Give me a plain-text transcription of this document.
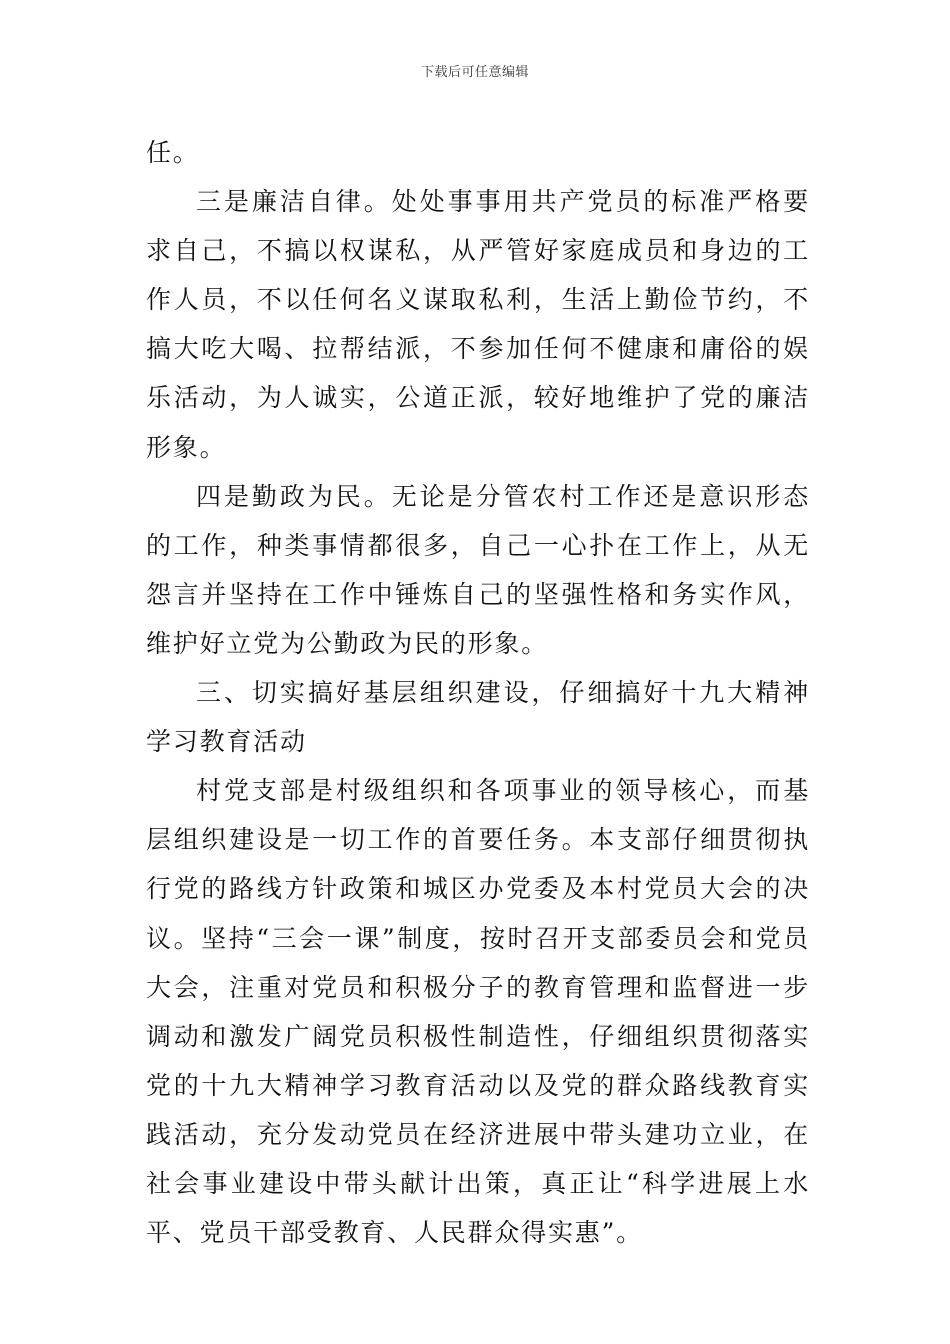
下载后可任意编辑

任。

三是廉洁自律。处处事事用共产党员的标准严格要求自己，不搞以权谋私，从严管好家庭成员和身边的工作人员，不以任何名义谋取私利，生活上勤俭节约，不搞大吃大喝、拉帮结派，不参加任何不健康和庸俗的娱乐活动，为人诚实，公道正派，较好地维护了党的廉洁形象。

四是勤政为民。无论是分管农村工作还是意识形态的工作，种类事情都很多，自己一心扑在工作上，从无怨言并坚持在工作中锤炼自己的坚强性格和务实作风，维护好立党为公勤政为民的形象。

三、切实搞好基层组织建设，仔细搞好十九大精神学习教育活动

村党支部是村级组织和各项事业的领导核心，而基层组织建设是一切工作的首要任务。本支部仔细贯彻执行党的路线方针政策和城区办党委及本村党员大会的决议。坚持“三会一课”制度，按时召开支部委员会和党员大会，注重对党员和积极分子的教育管理和监督进一步调动和激发广阔党员积极性制造性，仔细组织贯彻落实党的十九大精神学习教育活动以及党的群众路线教育实践活动，充分发动党员在经济进展中带头建功立业，在社会事业建设中带头献计出策，真正让“科学进展上水平、党员干部受教育、人民群众得实惠”。
